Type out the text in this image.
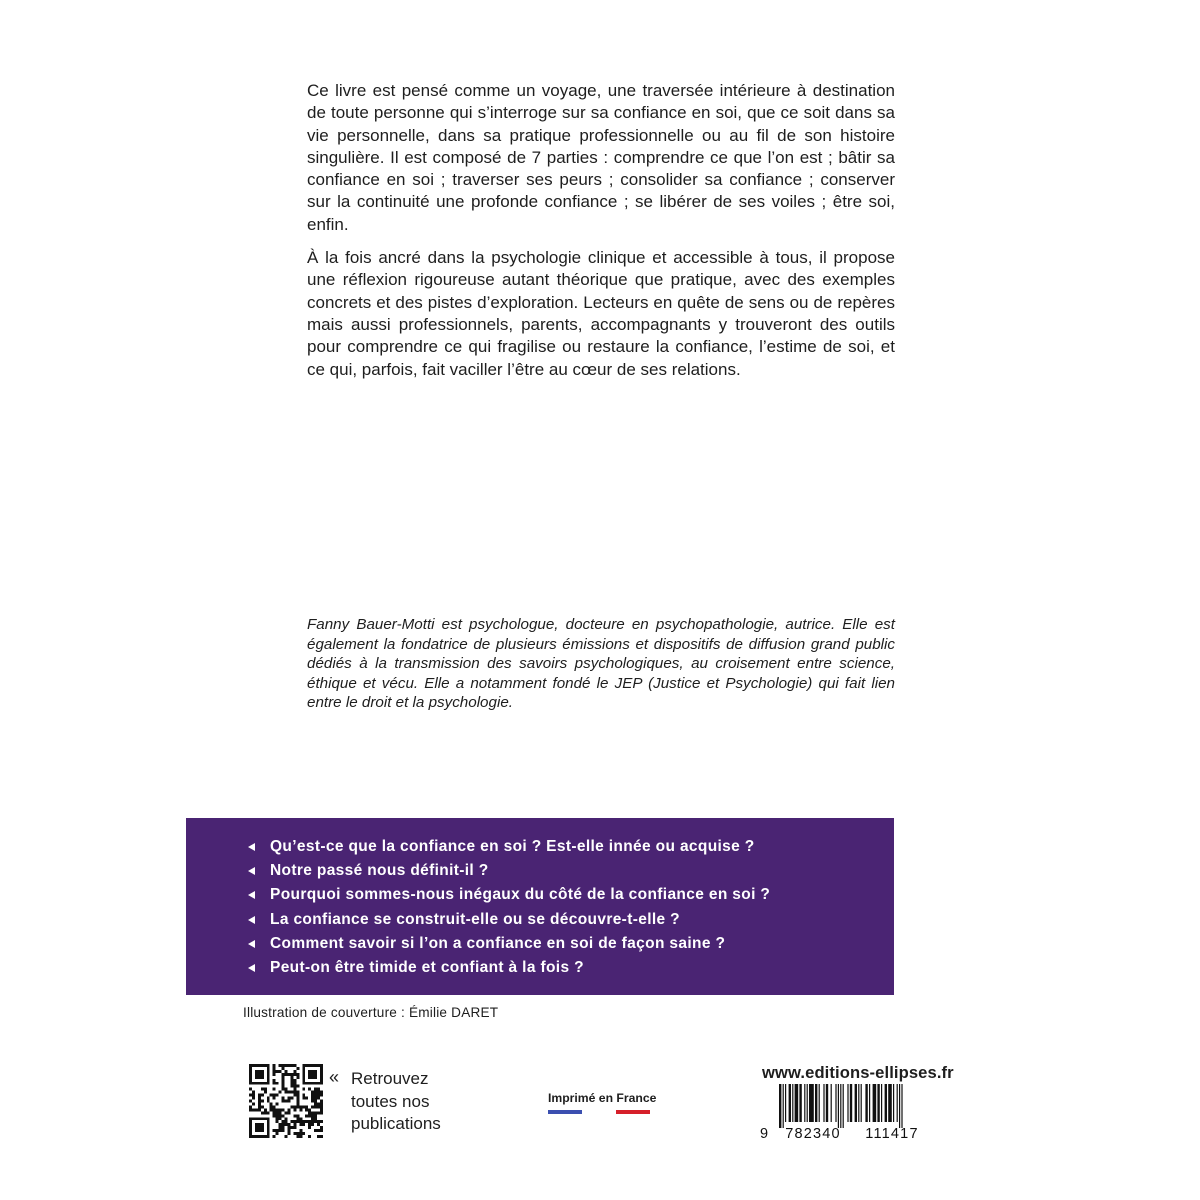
Ce livre est pensé comme un voyage, une traversée intérieure à destination de toute personne qui s’interroge sur sa confiance en soi, que ce soit dans sa vie personnelle, dans sa pratique professionnelle ou au fil de son histoire singulière. Il est composé de 7 parties : comprendre ce que l’on est ; bâtir sa confiance en soi ; traverser ses peurs ; consolider sa confiance ; conserver sur la continuité une profonde confiance ; se libérer de ses voiles ; être soi, enfin.

À la fois ancré dans la psychologie clinique et accessible à tous, il propose une réflexion rigoureuse autant théorique que pratique, avec des exemples concrets et des pistes d’exploration. Lecteurs en quête de sens ou de repères mais aussi professionnels, parents, accompagnants y trouveront des outils pour comprendre ce qui fragilise ou restaure la confiance, l’estime de soi, et ce qui, parfois, fait vaciller l’être au cœur de ses relations.

Fanny Bauer-Motti est psychologue, docteure en psychopathologie, autrice. Elle est également la fondatrice de plusieurs émissions et dispositifs de diffusion grand public dédiés à la transmission des savoirs psychologiques, au croisement entre science, éthique et vécu. Elle a notamment fondé le JEP (Justice et Psychologie) qui fait lien entre le droit et la psychologie.
Qu’est-ce que la confiance en soi ? Est-elle innée ou acquise ?
Notre passé nous définit-il ?
Pourquoi sommes-nous inégaux du côté de la confiance en soi ?
La confiance se construit-elle ou se découvre-t-elle ?
Comment savoir si l’on a confiance en soi de façon saine ?
Peut-on être timide et confiant à la fois ?
Illustration de couverture : Émilie DARET
« Retrouvez
toutes nos
publications
Imprimé en France
www.editions-ellipses.fr
9 782340 111417
